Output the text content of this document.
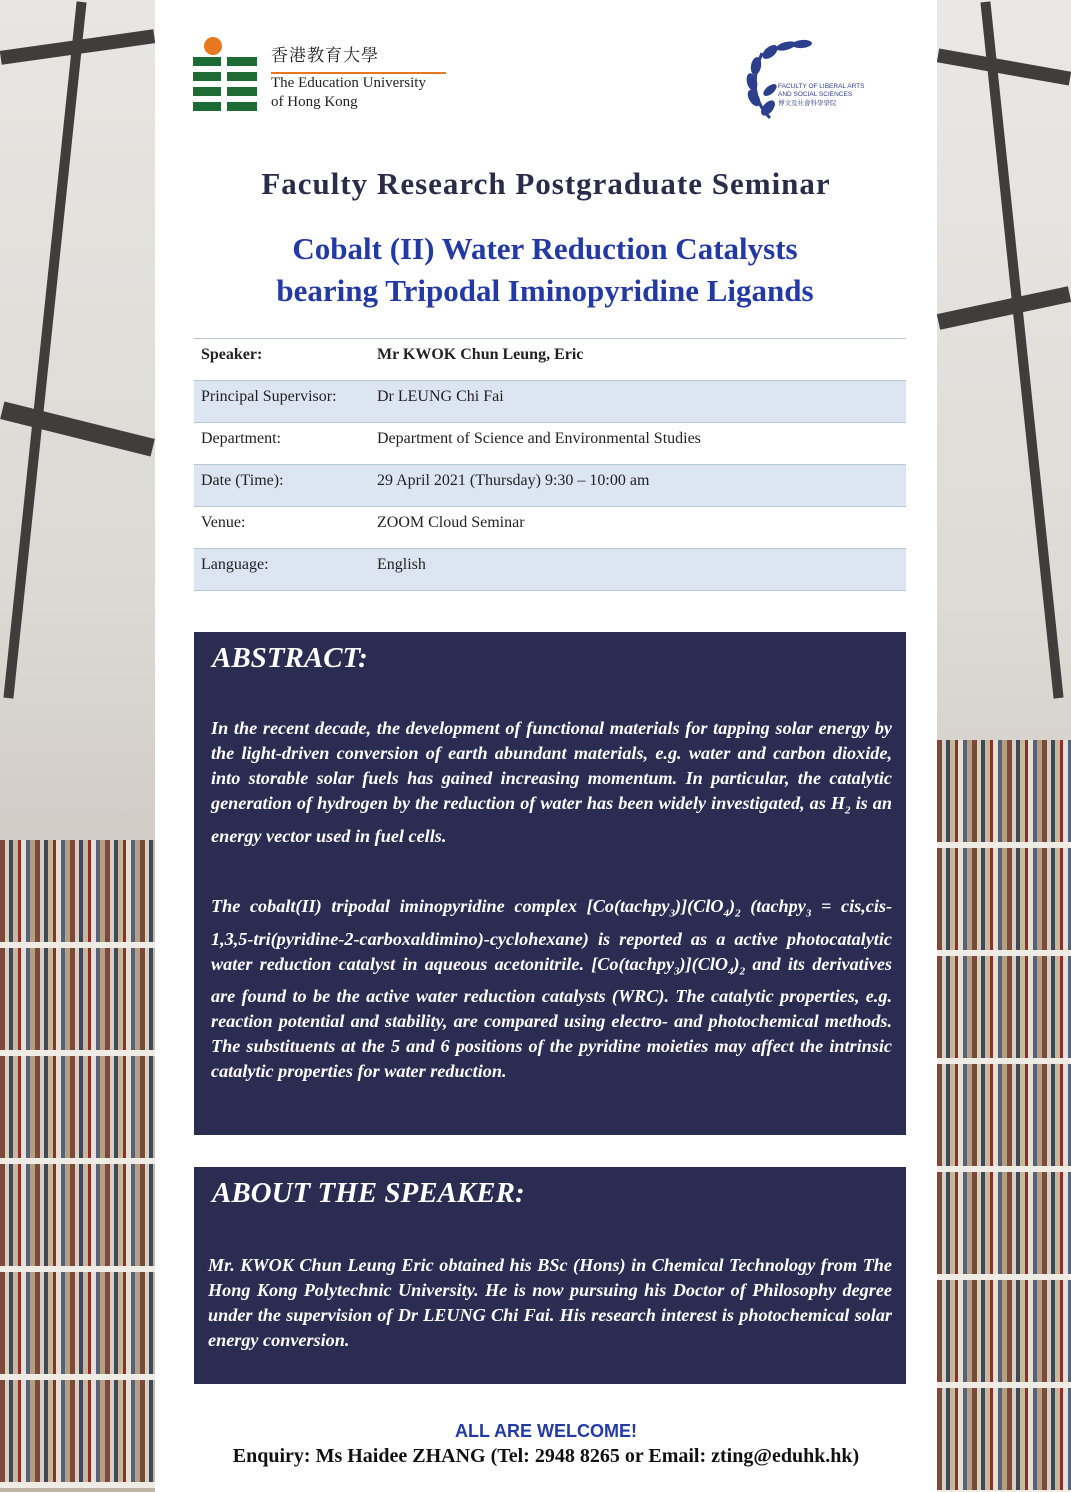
香港教育大學
The Education University
of Hong Kong
FACULTY OF LIBERAL ARTS
AND SOCIAL SCIENCES
博文及社會科學學院
Faculty Research Postgraduate Seminar
Cobalt (II) Water Reduction Catalysts
bearing Tripodal Iminopyridine Ligands
Speaker:	Mr KWOK Chun Leung, Eric
Principal Supervisor:	Dr LEUNG Chi Fai
Department:	Department of Science and Environmental Studies
Date (Time):	29 April 2021 (Thursday) 9:30 – 10:00 am
Venue:	ZOOM Cloud Seminar
Language:	English
ABSTRACT:

In the recent decade, the development of functional materials for tapping solar energy by the light-driven conversion of earth abundant materials, e.g. water and carbon dioxide, into storable solar fuels has gained increasing momentum. In particular, the catalytic generation of hydrogen by the reduction of water has been widely investigated, as $H_2$ is an energy vector used in fuel cells.

The cobalt(II) tripodal iminopyridine complex $[Co(tachpy_3)](ClO_4)_2$ (tachpy$_3$ = cis,cis-1,3,5-tri(pyridine-2-carboxaldimino)-cyclohexane) is reported as a active photocatalytic water reduction catalyst in aqueous acetonitrile. $[Co(tachpy_3)](ClO_4)_2$ and its derivatives are found to be the active water reduction catalysts (WRC). The catalytic properties, e.g. reaction potential and stability, are compared using electro- and photochemical methods. The substituents at the 5 and 6 positions of the pyridine moieties may affect the intrinsic catalytic properties for water reduction.

ABOUT THE SPEAKER:

Mr. KWOK Chun Leung Eric obtained his BSc (Hons) in Chemical Technology from The Hong Kong Polytechnic University. He is now pursuing his Doctor of Philosophy degree under the supervision of Dr LEUNG Chi Fai. His research interest is photochemical solar energy conversion.

ALL ARE WELCOME!
Enquiry: Ms Haidee ZHANG (Tel: 2948 8265 or Email: zting@eduhk.hk)
